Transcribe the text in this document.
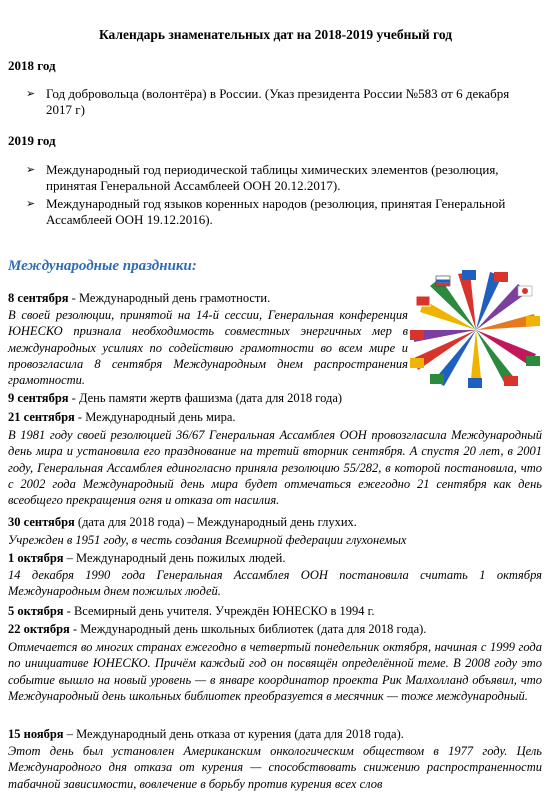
Календарь знаменательных дат на 2018-2019 учебный год
2018 год
➢ Год добровольца (волонтёра) в России. (Указ президента России №583 от 6 декабря 2017 г)
2019 год
➢ Международный год периодической таблицы химических элементов (резолюция, принятая Генеральной Ассамблеей ООН 20.12.2017).
➢ Международный год языков коренных народов (резолюция, принятая Генеральной Ассамблеей ООН 19.12.2016).
Международные праздники:
8 сентября - Международный день грамотности.
В своей резолюции, принятой на 14-й сессии, Генеральная конференция ЮНЕСКО признала необходимость совместных энергичных мер в международных усилиях по содействию грамотности во всем мире и провозгласила 8 сентября Международным днем распространения грамотности.
9 сентября - День памяти жертв фашизма (дата для 2018 года)
21 сентября - Международный день мира.
В 1981 году своей резолюцией 36/67 Генеральная Ассамблея ООН провозгласила Международный день мира и установила его празднование на третий вторник сентября. А спустя 20 лет, в 2001 году, Генеральная Ассамблея единогласно приняла резолюцию 55/282, в которой постановила, что с 2002 года Международный день мира будет отмечаться ежегодно 21 сентября как день всеобщего прекращения огня и отказа от насилия.
30 сентября (дата для 2018 года) – Международный день глухих.
Учрежден в 1951 году, в честь создания Всемирной федерации глухонемых
1 октября – Международный день пожилых людей.
14 декабря 1990 года Генеральная Ассамблея ООН постановила считать 1 октября Международным днем пожилых людей.
5 октября - Всемирный день учителя. Учреждён ЮНЕСКО в 1994 г.
22 октября - Международный день школьных библиотек (дата для 2018 года).
Отмечается во многих странах ежегодно в четвертый понедельник октября, начиная с 1999 года по инициативе ЮНЕСКО. Причём каждый год он посвящён определённой теме. В 2008 году это событие вышло на новый уровень — в январе координатор проекта Рик Малхолланд объявил, что Международный день школьных библиотек преобразуется в месячник — тоже международный.
15 ноября – Международный день отказа от курения (дата для 2018 года).
Этот день был установлен Американским онкологическим обществом в 1977 году. Цель Международного дня отказа от курения — способствовать снижению распространенности табачной зависимости, вовлечение в борьбу против курения всех слов
